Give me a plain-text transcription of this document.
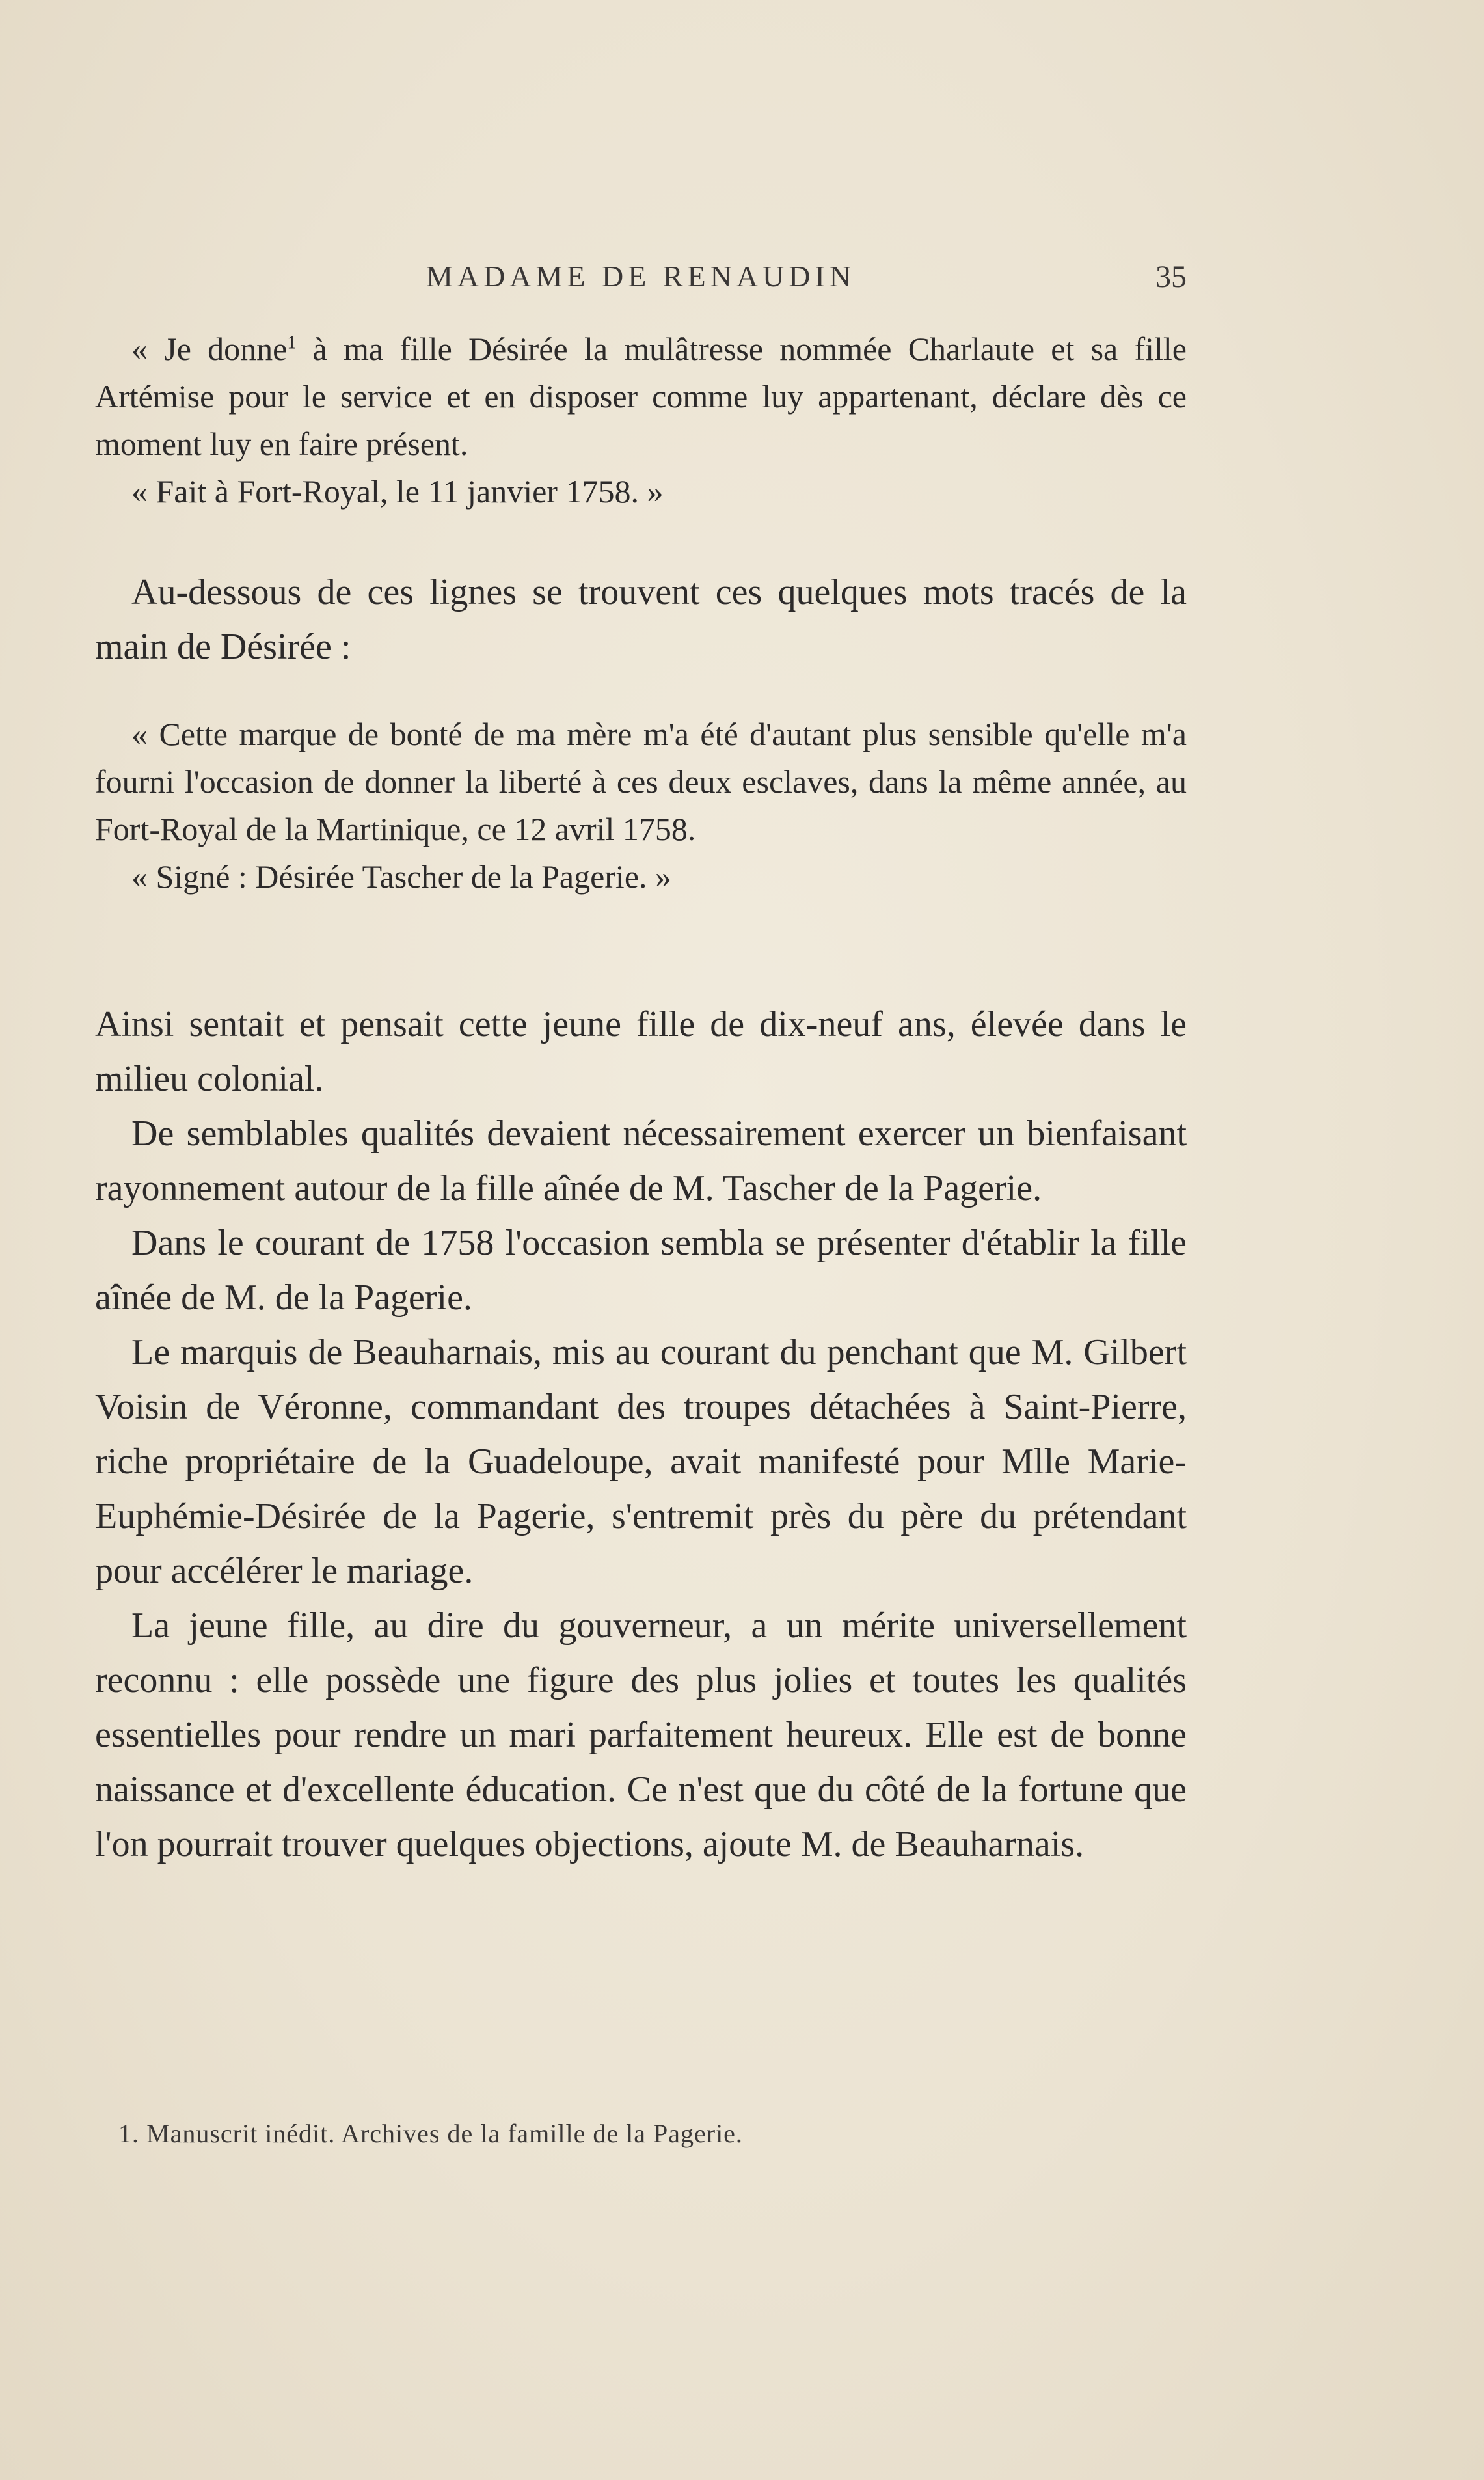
MADAME DE RENAUDIN	35

« Je donne$^1$ à ma fille Désirée la mulâtresse nommée Charlaute et sa fille Artémise pour le service et en disposer comme luy appartenant, déclare dès ce moment luy en faire présent.

« Fait à Fort-Royal, le 11 janvier 1758. »

Au-dessous de ces lignes se trouvent ces quelques mots tracés de la main de Désirée :

« Cette marque de bonté de ma mère m'a été d'autant plus sensible qu'elle m'a fourni l'occasion de donner la liberté à ces deux esclaves, dans la même année, au Fort-Royal de la Martinique, ce 12 avril 1758.

« Signé : Désirée Tascher de la Pagerie. »

Ainsi sentait et pensait cette jeune fille de dix-neuf ans, élevée dans le milieu colonial.

De semblables qualités devaient nécessairement exercer un bienfaisant rayonnement autour de la fille aînée de M. Tascher de la Pagerie.

Dans le courant de 1758 l'occasion sembla se présenter d'établir la fille aînée de M. de la Pagerie.

Le marquis de Beauharnais, mis au courant du penchant que M. Gilbert Voisin de Véronne, commandant des troupes détachées à Saint-Pierre, riche propriétaire de la Guadeloupe, avait manifesté pour Mlle Marie-Euphémie-Désirée de la Pagerie, s'entremit près du père du prétendant pour accélérer le mariage.

La jeune fille, au dire du gouverneur, a un mérite universellement reconnu : elle possède une figure des plus jolies et toutes les qualités essentielles pour rendre un mari parfaitement heureux. Elle est de bonne naissance et d'excellente éducation. Ce n'est que du côté de la fortune que l'on pourrait trouver quelques objections, ajoute M. de Beauharnais.

1. Manuscrit inédit. Archives de la famille de la Pagerie.
